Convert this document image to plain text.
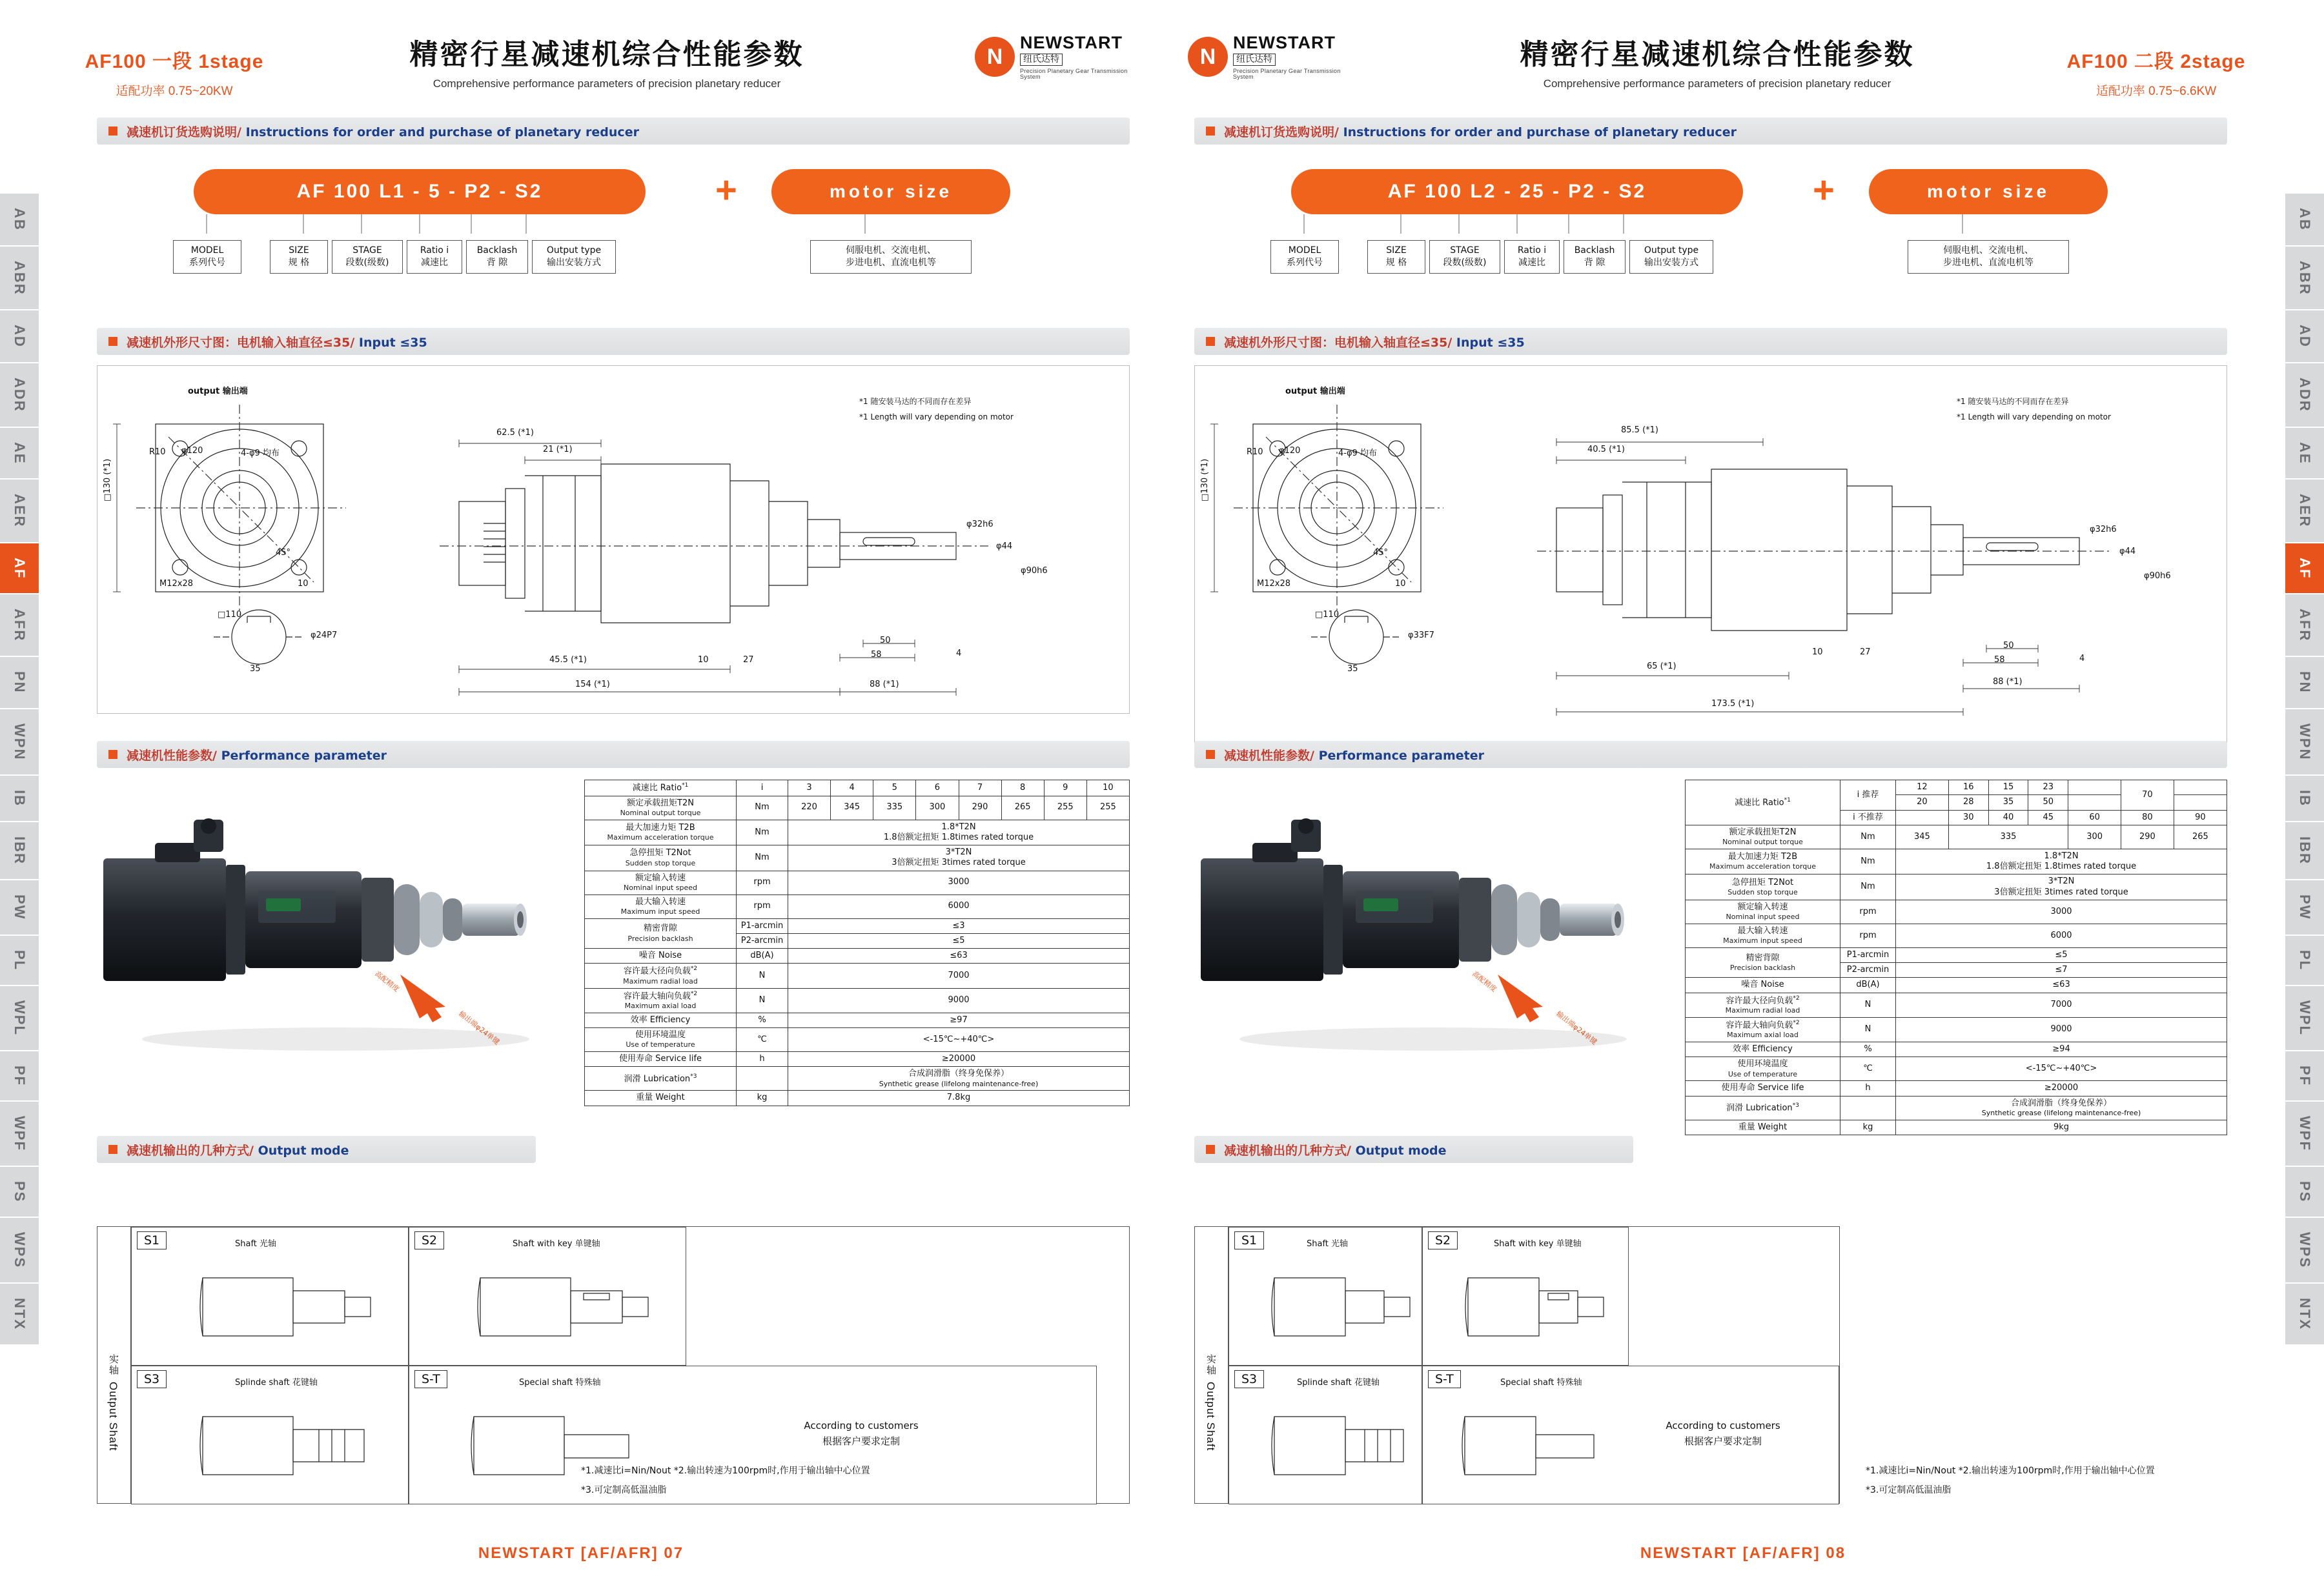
AB
ABR
AD
ADR
AE
AER
AF
AFR
PN
WPN
IB
IBR
PW
PL
WPL
PF
WPF
PS
WPS
NTX
AF100 一段 1stage
适配功率 0.75~20KW
精密行星减速机综合性能参数
Comprehensive performance parameters of precision planetary reducer
N
NEWSTART
纽氏达特
Precision Planetary Gear Transmission System
减速机订货选购说明/ Instructions for order and purchase of planetary reducer
AF 100 L1 - 5 - P2 - S2	+	motor size
MODEL
系列代号
SIZE
规 格
STAGE
段数(级数)
Ratio i
减速比
Backlash
背 隙
Output type
输出安装方式
伺服电机、交流电机、
步进电机、直流电机等
减速机外形尺寸图：电机输入轴直径≤35/ Input ≤35
output 输出端
R10 φ120	4-φ9 均布
□130 (*1)
□110
M12x28
45°
10
35
φ24P7
62.5 (*1)
21 (*1)
φ32h6
φ44
φ90h6
50
58	4
45.5 (*1)	10	27
154 (*1)	88 (*1)
*1 随安装马达的不同而存在差异
*1 Length will vary depending on motor
减速机性能参数/ Performance parameter
高配精度
输出端φ24单键
减速比 Ratio$^{*1}$	i	3	4	5	6	7	8	9	10
额定承载扭矩T2N
Nominal output torque	Nm	220	345	335	300	290	265	255	255
最大加速力矩 T2B
Maximum acceleration torque
	Nm	
1.8*T2N
1.8倍额定扭矩 1.8times rated torque

急停扭矩 T2Not
Sudden stop torque
	Nm	
3*T2N
3倍额定扭矩 3times rated torque

额定输入转速
Nominal input speed	rpm	3000							
最大输入转速
Maximum input speed	rpm	6000							
精密背隙
Precision backlash	P1-arcmin	≤3							
	P2-arcmin	≤5							
噪音 Noise	dB(A)	≤63							
容许最大径向负载$^{*2}$
Maximum radial load	N	7000							
容许最大轴向负载$^{*2}$
Maximum axial load	N	9000							
效率 Efficiency	%	≥97							
使用环境温度
Use of temperature	℃	<-15℃~+40℃>							
使用寿命 Service life	h	≥20000							
润滑 Lubrication$^{*3}$		合成润滑脂（终身免保养）
Synthetic grease (lifelong maintenance-free)							

重量 Weight	kg	7.8kg							
减速机输出的几种方式/ Output mode
实轴
Output Shaft
S1	Shaft 光轴	S2	Shaft with key 单键轴
S3	Splinde shaft 花键轴	S-T	Special shaft 特殊轴
According to customers
根据客户要求定制
*1.减速比i=Nin/Nout *2.输出转速为100rpm时,作用于输出轴中心位置
*3.可定制高低温油脂
NEWSTART [AF/AFR] 07
AB
ABR
AD
ADR
AE
AER
AF
AFR
PN
WPN
IB
IBR
PW
PL
WPL
PF
WPF
PS
WPS
NTX
N
NEWSTART
纽氏达特
Precision Planetary Gear Transmission System
精密行星减速机综合性能参数
Comprehensive performance parameters of precision planetary reducer
AF100 二段 2stage
适配功率 0.75~6.6KW
减速机订货选购说明/ Instructions for order and purchase of planetary reducer
AF 100 L2 - 25 - P2 - S2	+	motor size
MODEL
系列代号
SIZE
规 格
STAGE
段数(级数)
Ratio i
减速比
Backlash
背 隙
Output type
输出安装方式
伺服电机、交流电机、
步进电机、直流电机等
减速机外形尺寸图：电机输入轴直径≤35/ Input ≤35
output 输出端
R10 φ120	4-φ9 均布
□130 (*1)
□110
M12x28
45°
10
35
φ33F7
85.5 (*1)
40.5 (*1)
φ32h6
φ44
φ90h6
50
58	4
65 (*1)
10	27
173.5 (*1)
88 (*1)
*1 随安装马达的不同而存在差异
*1 Length will vary depending on motor
减速机性能参数/ Performance parameter
高配精度
输出端φ24单键
减速比 Ratio$^{*1}$	i 推荐	12	16	15	23		70	
		20	28	35	50			
	i 不推荐		30	40	45	60	80	90
额定承载扭矩T2N
Nominal output torque	Nm	345	335			300	290	265
最大加速力矩 T2B
Maximum acceleration torque
	Nm	
1.8*T2N
1.8倍额定扭矩 1.8times rated torque

急停扭矩 T2Not
Sudden stop torque
	Nm	
3*T2N
3倍额定扭矩 3times rated torque

额定输入转速
Nominal input speed	rpm	3000						
最大输入转速
Maximum input speed	rpm	6000						
精密背隙
Precision backlash	P1-arcmin	≤5						
	P2-arcmin	≤7						
噪音 Noise	dB(A)	≤63						
容许最大径向负载$^{*2}$
Maximum radial load	N	7000						
容许最大轴向负载$^{*2}$
Maximum axial load	N	9000						
效率 Efficiency	%	≥94						
使用环境温度
Use of temperature	℃	<-15℃~+40℃>						
使用寿命 Service life	h	≥20000						
润滑 Lubrication$^{*3}$		合成润滑脂（终身免保养）
Synthetic grease (lifelong maintenance-free)						

重量 Weight	kg	9kg						
减速机输出的几种方式/ Output mode
实轴
Output Shaft
S1	Shaft 光轴	S2	Shaft with key 单键轴
S3	Splinde shaft 花键轴	S-T	Special shaft 特殊轴
According to customers
根据客户要求定制
*1.减速比i=Nin/Nout *2.输出转速为100rpm时,作用于输出轴中心位置
*3.可定制高低温油脂
NEWSTART [AF/AFR] 08
